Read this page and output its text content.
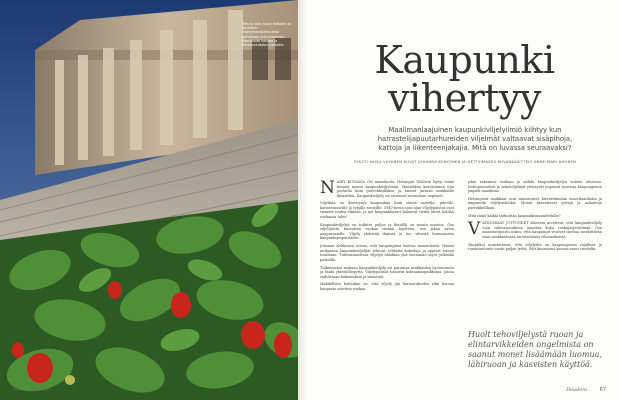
Ylös ja ulos: talon kattojen ja terassien viljelymahdollisuuksia pohditaan yhä enemmän. Mansikoita kasvaa jo Eduskuntatalon portailla.
66 Deadeni
Kaupunki
vihertyy
Maailmanlaajuinen kaupunkiviljelyilmiö kiihtyy kun harrastelijapuutarhureiden viljelmät valtaavat sisäpihoja, kattoja ja liikenteenjakajia. Mitä on luvassa seuraavaksi?
TEKSTI KAISA VUYANEN KUVAT JOHANNA KEKKONEN JA GETTYIMAGES KUVANKÄSITTELY ANNE-MARI AHONEN

NÄIKY KUVASSA ON mansikoita, Helsingin Töölöstä löytyi viime kesänä monta kaupunkiviljelmää. Mansikkaa kasvatetaan niin portailla kuin parvekkeillakin, ja taimet jaetaan asukkaille ilmaiseksi. Kaupunkiviljely on nostanut suosiotaan nopeasti.

Viljelmiä on ilmestynyt kaupunkiin kuin sieniä sateella: pihoille, kattoterasseille ja tyhjille tonteille. 1940-luvun sota-ajan viljelypalstat ovat saaneet uuden elämän, ja nyt kaupunkilaiset haluavat tietää mistä heidän ruokansa tulee.

Kaupunkiviljelyä on tutkittu paljon ja ilmiöllä on monta muotoa. Osa viljelijöistä kasvattaa ruokaa omaan käyttöön, osa jakaa satoa naapurustolle. Viljely yhdistää ihmisiä ja tuo vihreää harmaaseen kaupunkiympäristöön.

Johanna Kekkonen toteaa, että kaupungissa kasvaa monenlaista. Hänen mukaansa kaupunkiviljelijät tekevät rohkeita kokeiluja ja oppivat toinen toisiltaan. Tulevaisuudessa viljelyä nähdään yhä enemmän myös julkisilla paikoilla.

Tutkimusten mukaan kaupunkiviljely voi parantaa asukkaiden hyvinvointia ja lisätä yhteisöllisyyttä. Viljelypalstat toimivat kohtaamispaikkoina, joissa vaihdetaan kokemuksia ja siemeniä.

Mahdollista kuitenkin on, että viljely jää harrastukseksi eikä korvaa kaupasta ostettua ruokaa.

ydän rakennus voidaan jo nähdä kaupunkiviljelyn uutena alustana. Kattopuutarhat ja seinäviljelmät yleistyvät nopeasti suurissa kaupungeissa ympäri maailmaa.

Helsingissä asukkaat ovat innostuneet kierrättämään muovilaatikoita ja ämpäreitä viljelyastioiksi. Monet kasvattavat yrttejä ja salaatteja parvekkeillaan.

Mitä tämä kaikki tarkoittaa kaupunkisuunnittelulle?

VATKUMMAT JUTTUNEET aiheesta arvelevat, että kaupunkiviljely voisi tulevaisuudessa muuttaa koko ruokajärjestelmää. Osa asiantuntijoista uskoo, että kaupungit voisivat tuottaa merkittävän osan asukkaidensa tarvitsemista vihanneksista.

Skeptikot muistuttavat, että viljelytila on kaupungeissa rajallista ja ruuantuotanto vaatii paljon työtä. Silti kiinnostus kasvaa vuosi vuodelta.

Huolt tehoviljelystä ruoan ja elintarvikkeiden ongelmista on saanut monet lisäämään luomua, lähiruoan ja kasvisten käyttöä.
Deadeni	67
